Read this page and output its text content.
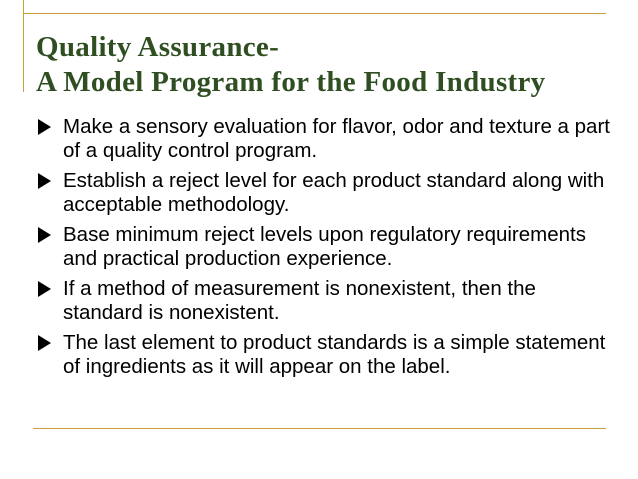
Quality Assurance-
A Model Program for the Food Industry
Make a sensory evaluation for flavor, odor and texture a part of a quality control program.
Establish a reject level for each product standard along with acceptable methodology.
Base minimum reject levels upon regulatory requirements and practical production experience.
If a method of measurement is nonexistent, then the standard is nonexistent.
The last element to product standards is a simple statement of ingredients as it will appear on the label.
